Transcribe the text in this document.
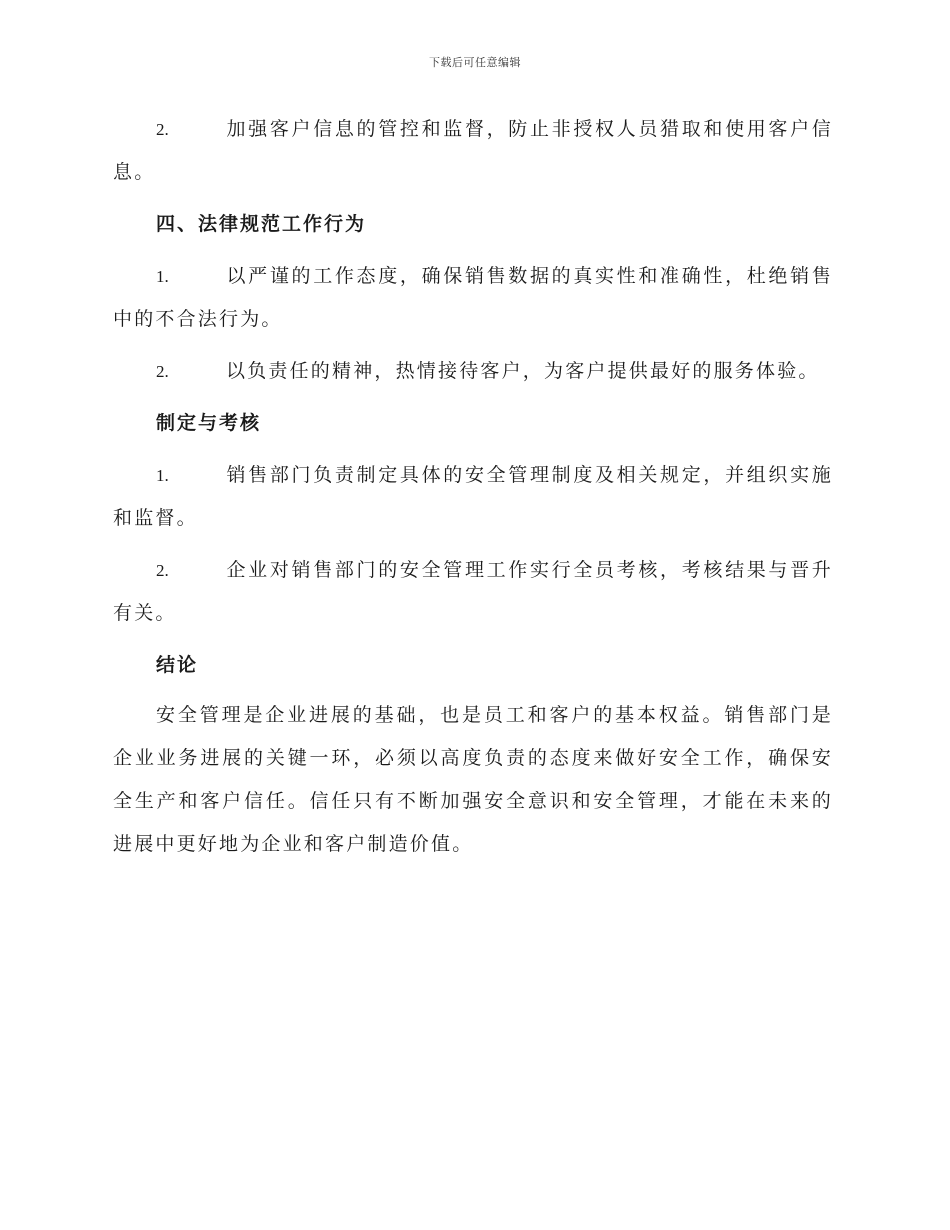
下载后可任意编辑

2.	加强客户信息的管控和监督，防止非授权人员猎取和使用客户信息。

四、法律规范工作行为

1.	以严谨的工作态度，确保销售数据的真实性和准确性，杜绝销售中的不合法行为。

2.	以负责任的精神，热情接待客户，为客户提供最好的服务体验。

制定与考核

1.	销售部门负责制定具体的安全管理制度及相关规定，并组织实施和监督。

2.	企业对销售部门的安全管理工作实行全员考核，考核结果与晋升有关。

结论

安全管理是企业进展的基础，也是员工和客户的基本权益。销售部门是企业业务进展的关键一环，必须以高度负责的态度来做好安全工作，确保安全生产和客户信任。信任只有不断加强安全意识和安全管理，才能在未来的进展中更好地为企业和客户制造价值。
